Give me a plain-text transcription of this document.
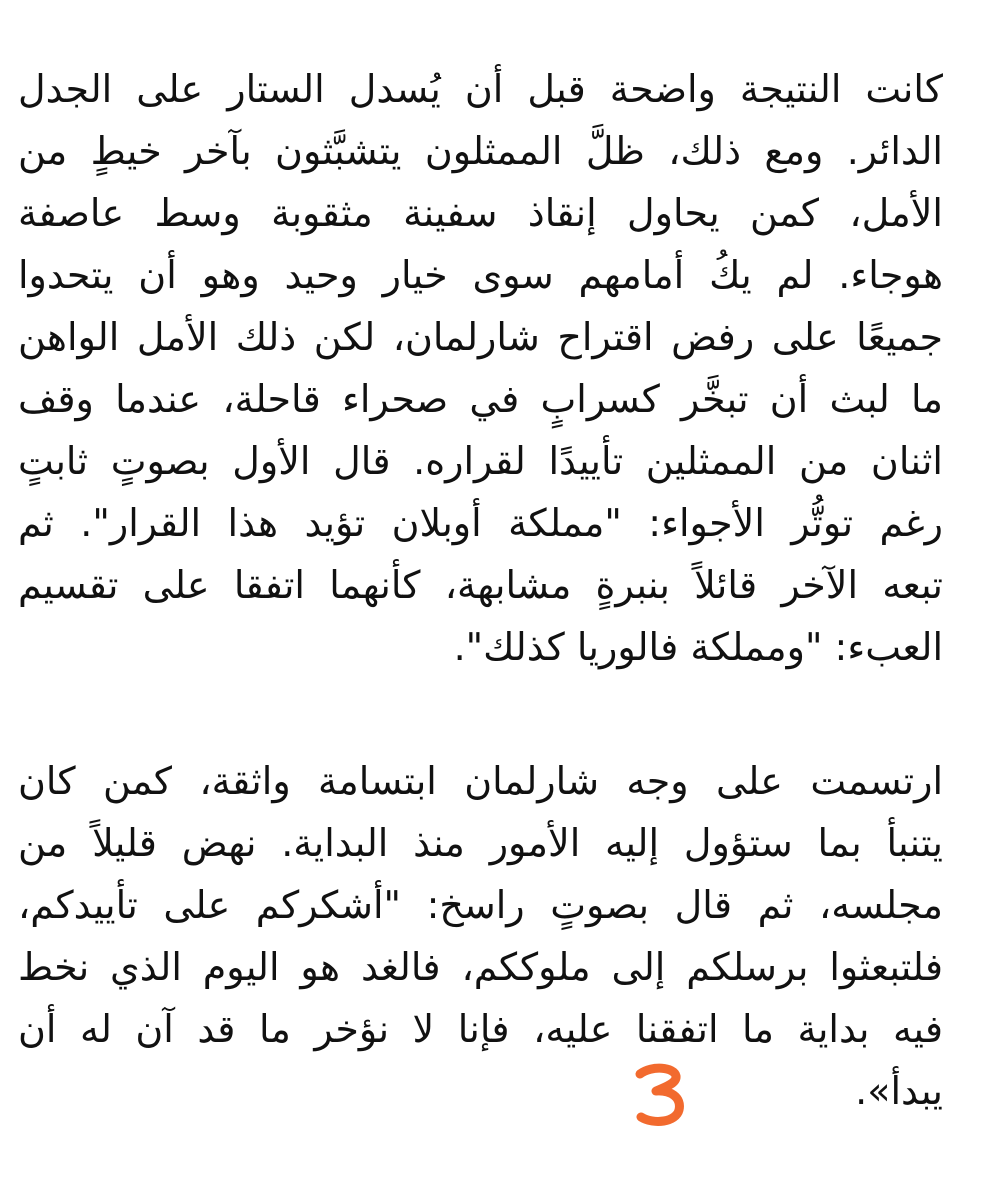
كانت النتيجة واضحة قبل أن يُسدل الستار على الجدل
الدائر. ومع ذلك، ظلَّ الممثلون يتشبَّثون بآخر خيطٍ من
الأمل، كمن يحاول إنقاذ سفينة مثقوبة وسط عاصفة
هوجاء. لم يكُ أمامهم سوى خيار وحيد وهو أن يتحدوا
جميعًا على رفض اقتراح شارلمان، لكن ذلك الأمل الواهن
ما لبث أن تبخَّر كسرابٍ في صحراء قاحلة، عندما وقف
اثنان من الممثلين تأييدًا لقراره. قال الأول بصوتٍ ثابتٍ
رغم توتُّر الأجواء: "مملكة أوبلان تؤيد هذا القرار". ثم
تبعه الآخر قائلاً بنبرةٍ مشابهة، كأنهما اتفقا على تقسيم
العبء: "ومملكة فالوريا كذلك".
ارتسمت على وجه شارلمان ابتسامة واثقة، كمن كان
يتنبأ بما ستؤول إليه الأمور منذ البداية. نهض قليلاً من
مجلسه، ثم قال بصوتٍ راسخ: "أشكركم على تأييدكم،
فلتبعثوا برسلكم إلى ملوككم، فالغد هو اليوم الذي نخط
فيه بداية ما اتفقنا عليه، فإنا لا نؤخر ما قد آن له أن
يبدأ».
